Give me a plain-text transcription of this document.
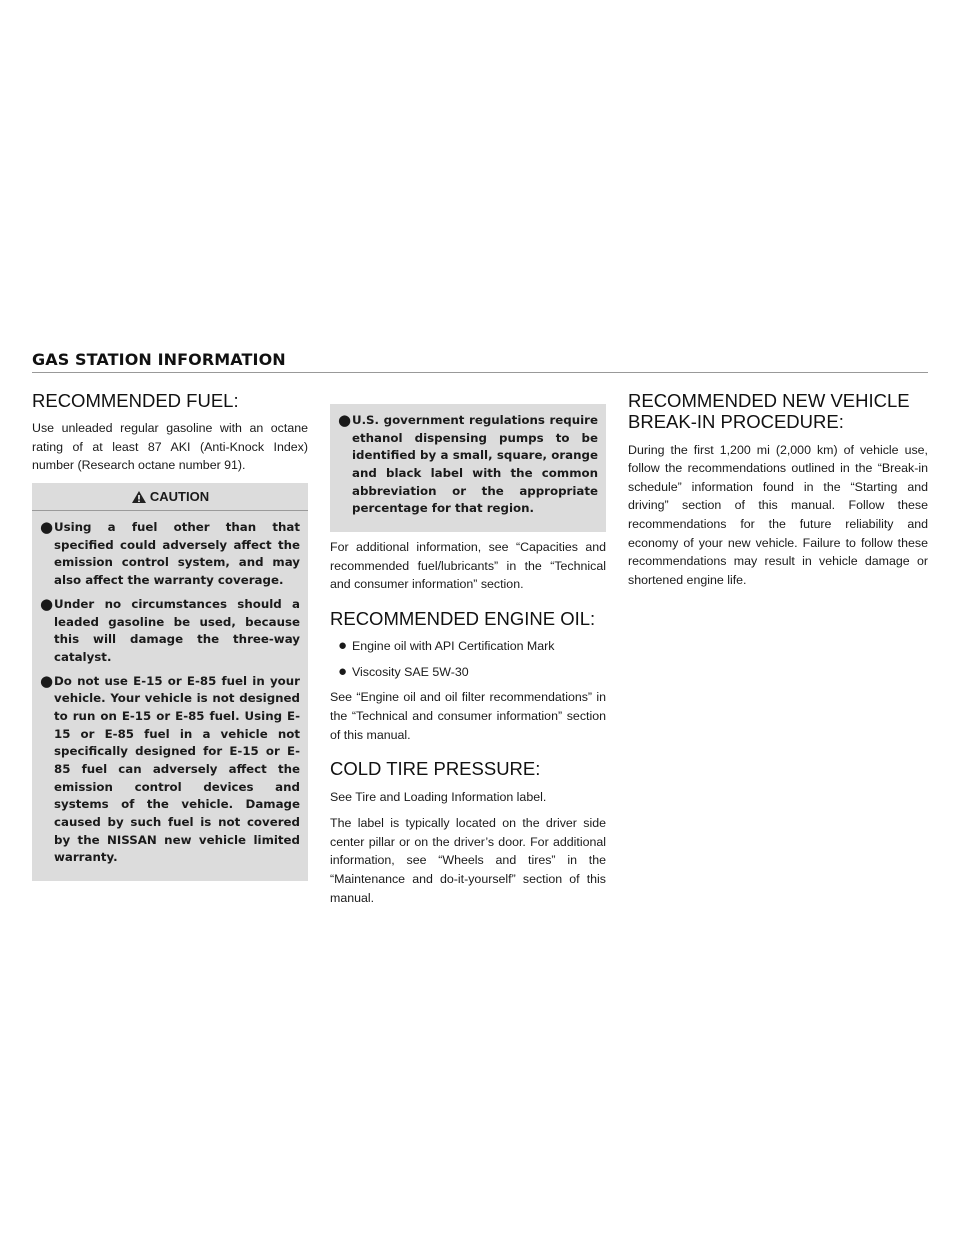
GAS STATION INFORMATION
RECOMMENDED FUEL:

Use unleaded regular gasoline with an octane rating of at least 87 AKI (Anti-Knock Index) number (Research octane number 91).

CAUTION
● Using a fuel other than that specified could adversely affect the emission control system, and may also affect the warranty coverage.
● Under no circumstances should a leaded gasoline be used, because this will damage the three-way catalyst.
● Do not use E-15 or E-85 fuel in your vehicle. Your vehicle is not designed to run on E-15 or E-85 fuel. Using E-15 or E-85 fuel in a vehicle not specifically designed for E-15 or E-85 fuel can adversely affect the emission control devices and systems of the vehicle. Damage caused by such fuel is not covered by the NISSAN new vehicle limited warranty.
● U.S. government regulations require ethanol dispensing pumps to be identified by a small, square, orange and black label with the common abbreviation or the appropriate percentage for that region.

For additional information, see “Capacities and recommended fuel/lubricants” in the “Technical and consumer information” section.

RECOMMENDED ENGINE OIL:
● Engine oil with API Certification Mark
● Viscosity SAE 5W-30

See “Engine oil and oil filter recommendations” in the “Technical and consumer information” section of this manual.

COLD TIRE PRESSURE:

See Tire and Loading Information label.

The label is typically located on the driver side center pillar or on the driver’s door. For additional information, see “Wheels and tires” in the “Maintenance and do-it-yourself” section of this manual.

RECOMMENDED NEW VEHICLE BREAK-IN PROCEDURE:

During the first 1,200 mi (2,000 km) of vehicle use, follow the recommendations outlined in the “Break-in schedule” information found in the “Starting and driving” section of this manual. Follow these recommendations for the future reliability and economy of your new vehicle. Failure to follow these recommendations may result in vehicle damage or shortened engine life.
